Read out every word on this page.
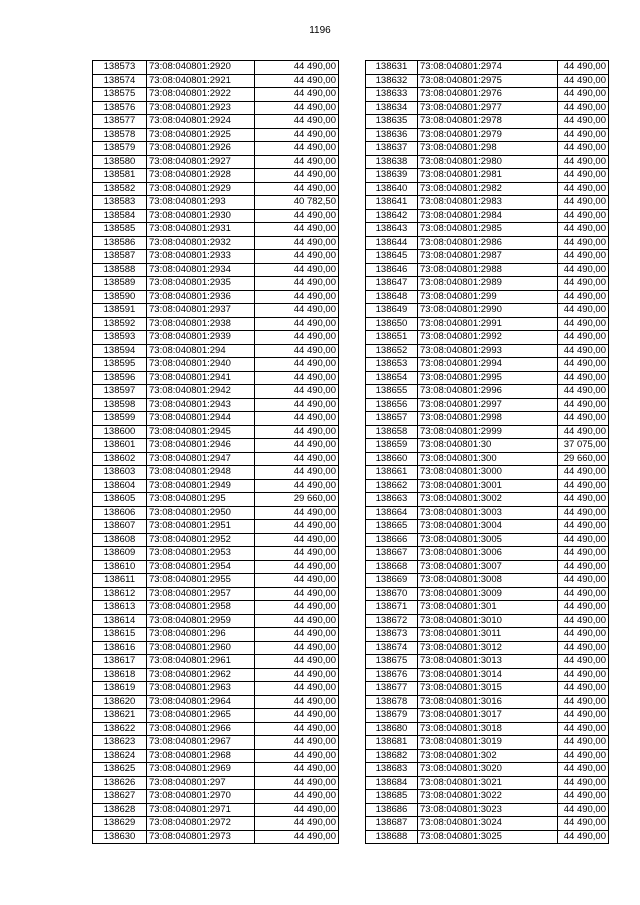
1196
138573	73:08:040801:2920	44 490,00
138574	73:08:040801:2921	44 490,00
138575	73:08:040801:2922	44 490,00
138576	73:08:040801:2923	44 490,00
138577	73:08:040801:2924	44 490,00
138578	73:08:040801:2925	44 490,00
138579	73:08:040801:2926	44 490,00
138580	73:08:040801:2927	44 490,00
138581	73:08:040801:2928	44 490,00
138582	73:08:040801:2929	44 490,00
138583	73:08:040801:293	40 782,50
138584	73:08:040801:2930	44 490,00
138585	73:08:040801:2931	44 490,00
138586	73:08:040801:2932	44 490,00
138587	73:08:040801:2933	44 490,00
138588	73:08:040801:2934	44 490,00
138589	73:08:040801:2935	44 490,00
138590	73:08:040801:2936	44 490,00
138591	73:08:040801:2937	44 490,00
138592	73:08:040801:2938	44 490,00
138593	73:08:040801:2939	44 490,00
138594	73:08:040801:294	44 490,00
138595	73:08:040801:2940	44 490,00
138596	73:08:040801:2941	44 490,00
138597	73:08:040801:2942	44 490,00
138598	73:08:040801:2943	44 490,00
138599	73:08:040801:2944	44 490,00
138600	73:08:040801:2945	44 490,00
138601	73:08:040801:2946	44 490,00
138602	73:08:040801:2947	44 490,00
138603	73:08:040801:2948	44 490,00
138604	73:08:040801:2949	44 490,00
138605	73:08:040801:295	29 660,00
138606	73:08:040801:2950	44 490,00
138607	73:08:040801:2951	44 490,00
138608	73:08:040801:2952	44 490,00
138609	73:08:040801:2953	44 490,00
138610	73:08:040801:2954	44 490,00
138611	73:08:040801:2955	44 490,00
138612	73:08:040801:2957	44 490,00
138613	73:08:040801:2958	44 490,00
138614	73:08:040801:2959	44 490,00
138615	73:08:040801:296	44 490,00
138616	73:08:040801:2960	44 490,00
138617	73:08:040801:2961	44 490,00
138618	73:08:040801:2962	44 490,00
138619	73:08:040801:2963	44 490,00
138620	73:08:040801:2964	44 490,00
138621	73:08:040801:2965	44 490,00
138622	73:08:040801:2966	44 490,00
138623	73:08:040801:2967	44 490,00
138624	73:08:040801:2968	44 490,00
138625	73:08:040801:2969	44 490,00
138626	73:08:040801:297	44 490,00
138627	73:08:040801:2970	44 490,00
138628	73:08:040801:2971	44 490,00
138629	73:08:040801:2972	44 490,00
138630	73:08:040801:2973	44 490,00
138631	73:08:040801:2974	44 490,00
138632	73:08:040801:2975	44 490,00
138633	73:08:040801:2976	44 490,00
138634	73:08:040801:2977	44 490,00
138635	73:08:040801:2978	44 490,00
138636	73:08:040801:2979	44 490,00
138637	73:08:040801:298	44 490,00
138638	73:08:040801:2980	44 490,00
138639	73:08:040801:2981	44 490,00
138640	73:08:040801:2982	44 490,00
138641	73:08:040801:2983	44 490,00
138642	73:08:040801:2984	44 490,00
138643	73:08:040801:2985	44 490,00
138644	73:08:040801:2986	44 490,00
138645	73:08:040801:2987	44 490,00
138646	73:08:040801:2988	44 490,00
138647	73:08:040801:2989	44 490,00
138648	73:08:040801:299	44 490,00
138649	73:08:040801:2990	44 490,00
138650	73:08:040801:2991	44 490,00
138651	73:08:040801:2992	44 490,00
138652	73:08:040801:2993	44 490,00
138653	73:08:040801:2994	44 490,00
138654	73:08:040801:2995	44 490,00
138655	73:08:040801:2996	44 490,00
138656	73:08:040801:2997	44 490,00
138657	73:08:040801:2998	44 490,00
138658	73:08:040801:2999	44 490,00
138659	73:08:040801:30	37 075,00
138660	73:08:040801:300	29 660,00
138661	73:08:040801:3000	44 490,00
138662	73:08:040801:3001	44 490,00
138663	73:08:040801:3002	44 490,00
138664	73:08:040801:3003	44 490,00
138665	73:08:040801:3004	44 490,00
138666	73:08:040801:3005	44 490,00
138667	73:08:040801:3006	44 490,00
138668	73:08:040801:3007	44 490,00
138669	73:08:040801:3008	44 490,00
138670	73:08:040801:3009	44 490,00
138671	73:08:040801:301	44 490,00
138672	73:08:040801:3010	44 490,00
138673	73:08:040801:3011	44 490,00
138674	73:08:040801:3012	44 490,00
138675	73:08:040801:3013	44 490,00
138676	73:08:040801:3014	44 490,00
138677	73:08:040801:3015	44 490,00
138678	73:08:040801:3016	44 490,00
138679	73:08:040801:3017	44 490,00
138680	73:08:040801:3018	44 490,00
138681	73:08:040801:3019	44 490,00
138682	73:08:040801:302	44 490,00
138683	73:08:040801:3020	44 490,00
138684	73:08:040801:3021	44 490,00
138685	73:08:040801:3022	44 490,00
138686	73:08:040801:3023	44 490,00
138687	73:08:040801:3024	44 490,00
138688	73:08:040801:3025	44 490,00
